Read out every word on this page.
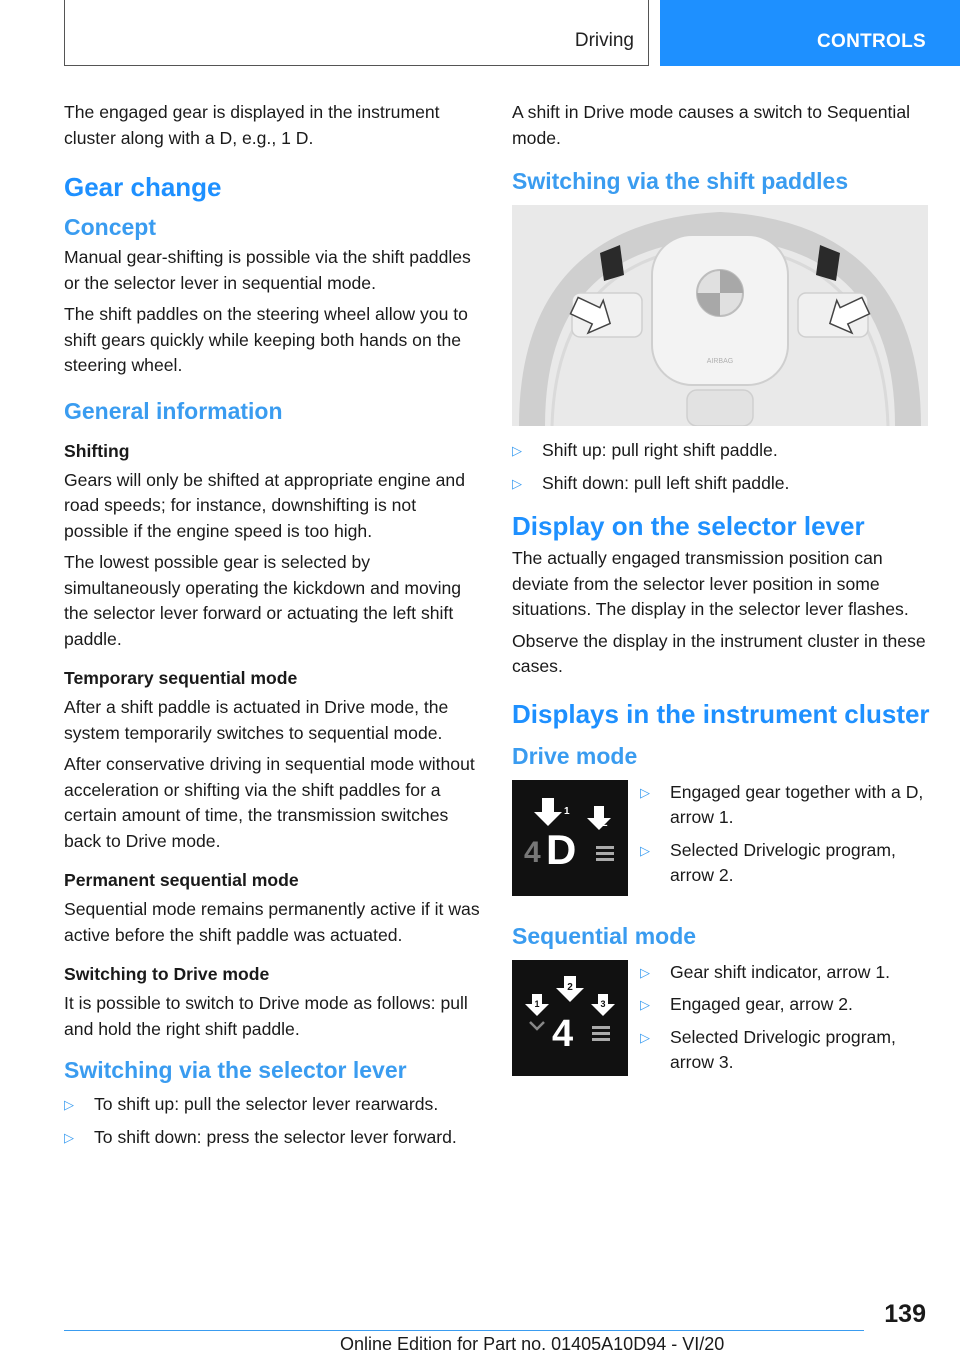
Driving	CONTROLS

The engaged gear is displayed in the instrument cluster along with a D, e.g., 1 D.

Gear change
Concept

Manual gear-shifting is possible via the shift paddles or the selector lever in sequential mode.

The shift paddles on the steering wheel allow you to shift gears quickly while keeping both hands on the steering wheel.

General information
Shifting

Gears will only be shifted at appropriate engine and road speeds; for instance, downshifting is not possible if the engine speed is too high.

The lowest possible gear is selected by simultaneously operating the kickdown and moving the selector lever forward or actuating the left shift paddle.

Temporary sequential mode

After a shift paddle is actuated in Drive mode, the system temporarily switches to sequential mode.

After conservative driving in sequential mode without acceleration or shifting via the shift paddles for a certain amount of time, the transmission switches back to Drive mode.

Permanent sequential mode

Sequential mode remains permanently active if it was active before the shift paddle was actuated.

Switching to Drive mode

It is possible to switch to Drive mode as follows: pull and hold the right shift paddle.

Switching via the selector lever
▷ To shift up: pull the selector lever rearwards.
▷ To shift down: press the selector lever forward.

A shift in Drive mode causes a switch to Sequential mode.

Switching via the shift paddles
AIRBAG
▷ Shift up: pull right shift paddle.
▷ Shift down: pull left shift paddle.
Display on the selector lever

The actually engaged transmission position can deviate from the selector lever position in some situations. The display in the selector lever flashes.

Observe the display in the instrument cluster in these cases.

Displays in the instrument cluster
Drive mode
1
2
4 D
▷ Engaged gear together with a D, arrow 1.
▷ Selected Drivelogic program, arrow 2.
Sequential mode
2
1	3
4
▷ Gear shift indicator, arrow 1.
▷ Engaged gear, arrow 2.
▷ Selected Drivelogic program, arrow 3.
139
Online Edition for Part no. 01405A10D94 - VI/20
